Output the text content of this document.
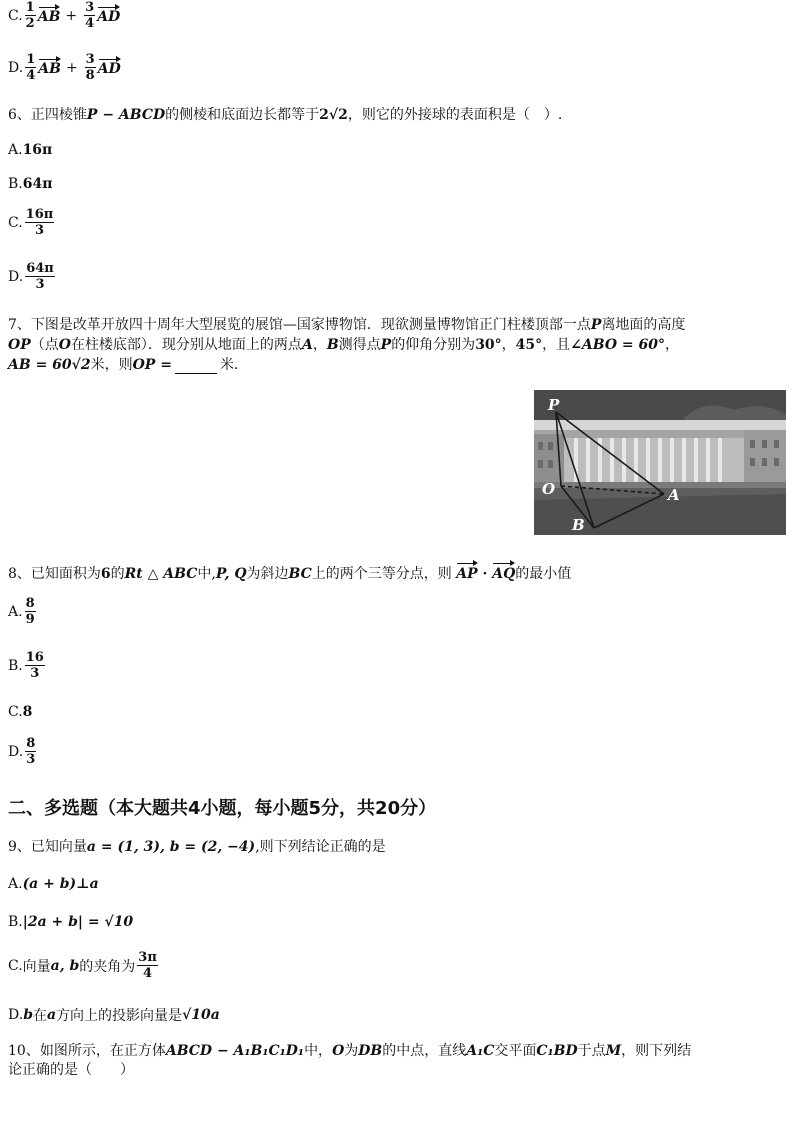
C. $\frac{1}{2}$ AB + $\frac{3}{4}$ AD
D. $\frac{1}{4}$ AB + $\frac{3}{8}$ AD
6、正四棱锥P − ABCD的侧棱和底面边长都等于2√2，则它的外接球的表面积是（　）.
A. 16π
B. 64π
C. $\frac{16\pi}{3}$
D. $\frac{64\pi}{3}$
7、下图是改革开放四十周年大型展览的展馆—国家博物馆．现欲测量博物馆正门柱楼顶部一点P离地面的高度
OP（点O在柱楼底部）．现分别从地面上的两点A，B测得点P的仰角分别为30°，45°，且∠ABO = 60°，
AB = 60√2米，则OP =	米．
P
O	A
B
8、已知面积为6的Rt △ ABC中,P, Q为斜边BC上的两个三等分点，则 AP · AQ的最小值
A. $\frac{8}{9}$
B. $\frac{16}{3}$
C. 8
D. $\frac{8}{3}$
二、多选题（本大题共4小题，每小题5分，共20分）
9、已知向量a = (1, 3), b = (2, −4),则下列结论正确的是
A. (a + b)⊥a
B. |2a + b| = √10
C. 向量 a, b 的夹角为 $\frac{3\pi}{4}$
D. b 在 a 方向上的投影向量是 √10a
10、如图所示，在正方体ABCD − A₁B₁C₁D₁中，O为DB的中点，直线A₁C交平面C₁BD于点M，则下列结
论正确的是（　　）
